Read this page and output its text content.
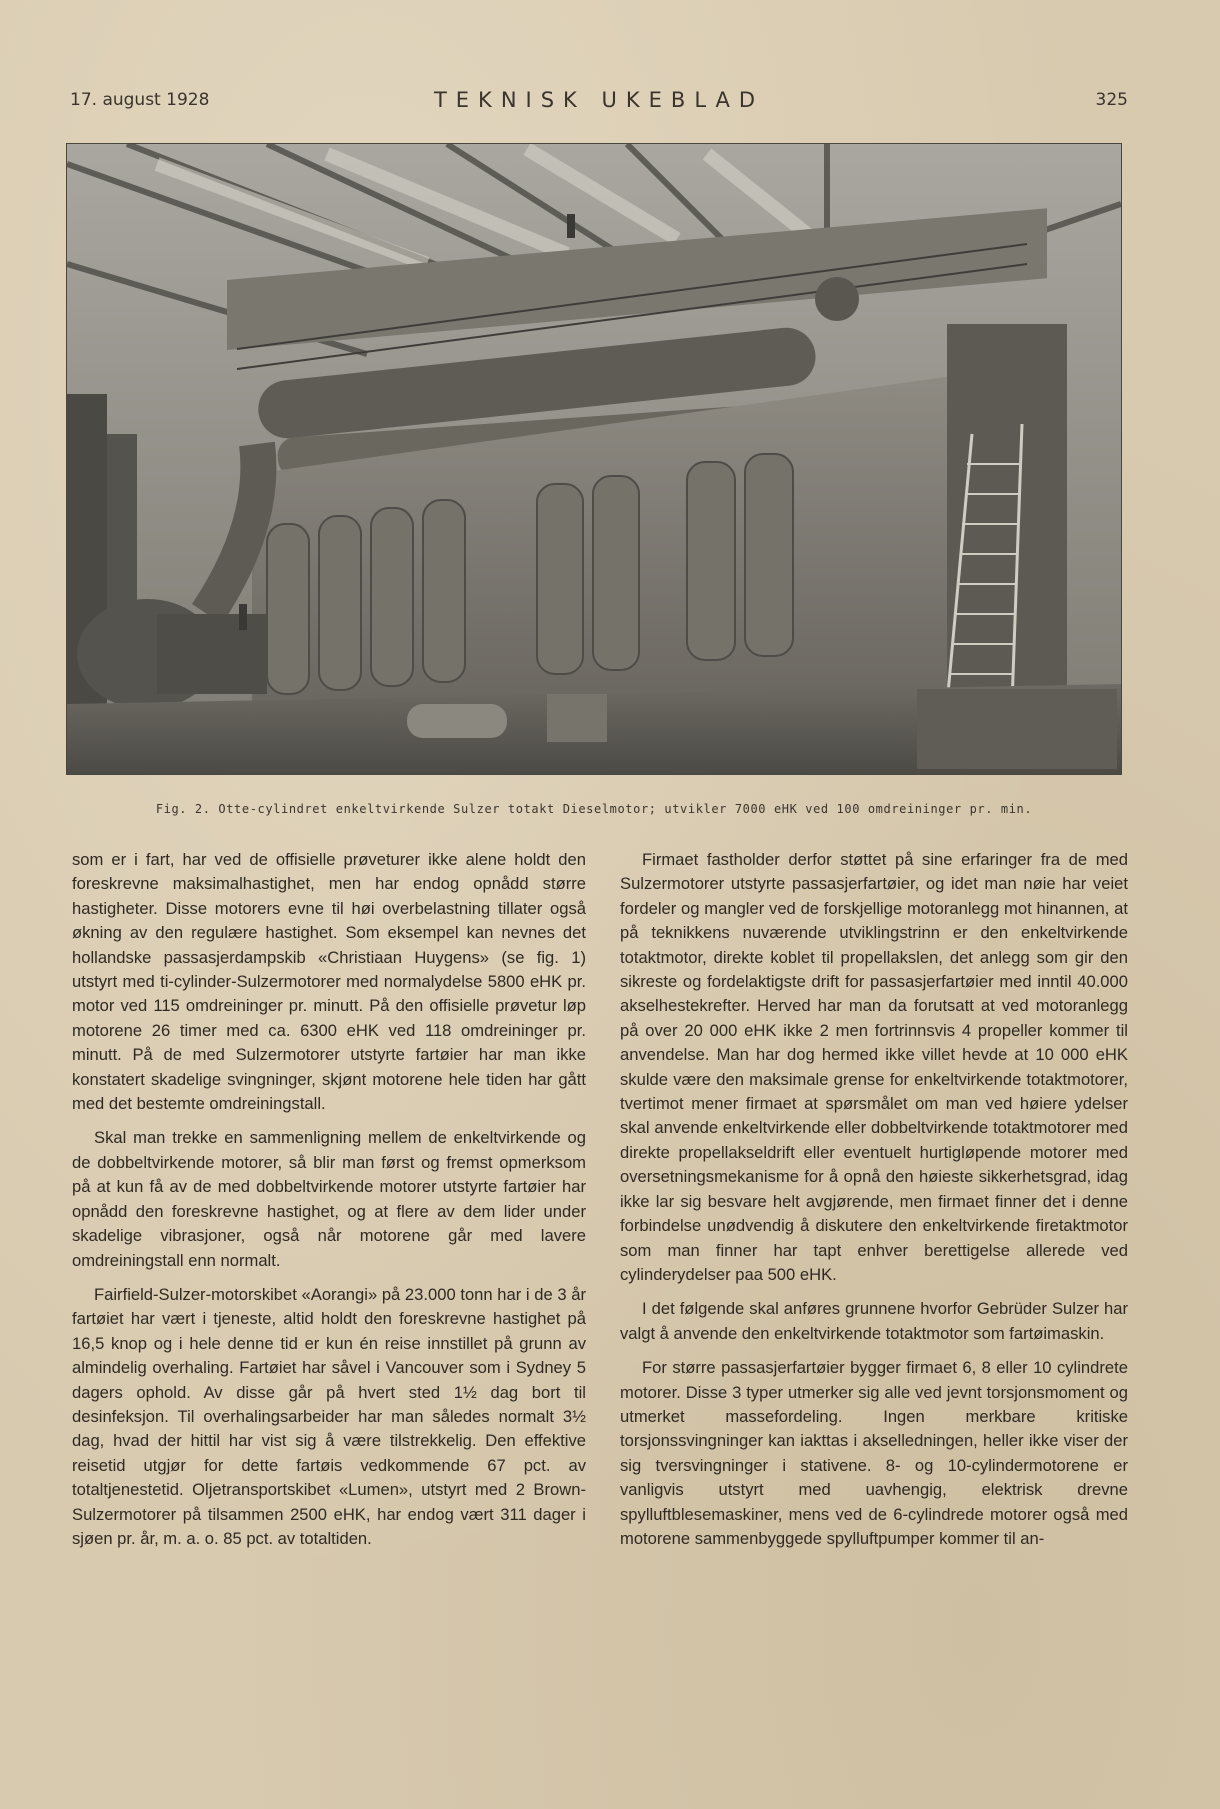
17. august 1928	TEKNISK UKEBLAD	325
Fig. 2. Otte-cylindret enkeltvirkende Sulzer totakt Dieselmotor; utvikler 7000 eHK ved 100 omdreininger pr. min.

som er i fart, har ved de offisielle prøveturer ikke alene holdt den foreskrevne maksimalhastighet, men har endog opnådd større hastigheter. Disse motorers evne til høi overbelastning tillater også økning av den regulære hastighet. Som eksempel kan nevnes det hollandske passasjerdampskib «Christiaan Huygens» (se fig. 1) utstyrt med ti-cylinder-Sulzermotorer med normalydelse 5800 eHK pr. motor ved 115 omdreininger pr. minutt. På den offisielle prøvetur løp motorene 26 timer med ca. 6300 eHK ved 118 omdreininger pr. minutt. På de med Sulzermotorer utstyrte fartøier har man ikke konstatert skadelige svingninger, skjønt motorene hele tiden har gått med det bestemte omdreiningstall.

Skal man trekke en sammenligning mellem de enkeltvirkende og de dobbeltvirkende motorer, så blir man først og fremst opmerksom på at kun få av de med dobbeltvirkende motorer utstyrte fartøier har opnådd den foreskrevne hastighet, og at flere av dem lider under skadelige vibrasjoner, også når motorene går med lavere omdreiningstall enn normalt.

Fairfield-Sulzer-motorskibet «Aorangi» på 23.000 tonn har i de 3 år fartøiet har vært i tjeneste, altid holdt den foreskrevne hastighet på 16,5 knop og i hele denne tid er kun én reise innstillet på grunn av almindelig overhaling. Fartøiet har såvel i Vancouver som i Sydney 5 dagers ophold. Av disse går på hvert sted 1½ dag bort til desinfeksjon. Til overhalingsarbeider har man således normalt 3½ dag, hvad der hittil har vist sig å være tilstrekkelig. Den effektive reisetid utgjør for dette fartøis vedkommende 67 pct. av totaltjenestetid. Oljetransportskibet «Lumen», utstyrt med 2 Brown-Sulzermotorer på tilsammen 2500 eHK, har endog vært 311 dager i sjøen pr. år, m. a. o. 85 pct. av totaltiden.

Firmaet fastholder derfor støttet på sine erfaringer fra de med Sulzermotorer utstyrte passasjerfartøier, og idet man nøie har veiet fordeler og mangler ved de forskjellige motoranlegg mot hinannen, at på teknikkens nuværende utviklingstrinn er den enkeltvirkende totaktmotor, direkte koblet til propellakslen, det anlegg som gir den sikreste og fordelaktigste drift for passasjerfartøier med inntil 40.000 akselhestekrefter. Herved har man da forutsatt at ved motoranlegg på over 20 000 eHK ikke 2 men fortrinnsvis 4 propeller kommer til anvendelse. Man har dog hermed ikke villet hevde at 10 000 eHK skulde være den maksimale grense for enkeltvirkende totaktmotorer, tvertimot mener firmaet at spørsmålet om man ved høiere ydelser skal anvende enkeltvirkende eller dobbeltvirkende totaktmotorer med direkte propellakseldrift eller eventuelt hurtigløpende motorer med oversetningsmekanisme for å opnå den høieste sikkerhetsgrad, idag ikke lar sig besvare helt avgjørende, men firmaet finner det i denne forbindelse unødvendig å diskutere den enkeltvirkende firetaktmotor som man finner har tapt enhver berettigelse allerede ved cylinderydelser paa 500 eHK.

I det følgende skal anføres grunnene hvorfor Gebrüder Sulzer har valgt å anvende den enkeltvirkende totaktmotor som fartøimaskin.

For større passasjerfartøier bygger firmaet 6, 8 eller 10 cylindrete motorer. Disse 3 typer utmerker sig alle ved jevnt torsjonsmoment og utmerket massefordeling. Ingen merkbare kritiske torsjonssvingninger kan iakttas i akselledningen, heller ikke viser der sig tversvingninger i stativene. 8- og 10-cylindermotorene er vanligvis utstyrt med uavhengig, elektrisk drevne spylluftblesemaskiner, mens ved de 6-cylindrede motorer også med motorene sammenbyggede spylluftpumper kommer til an-
